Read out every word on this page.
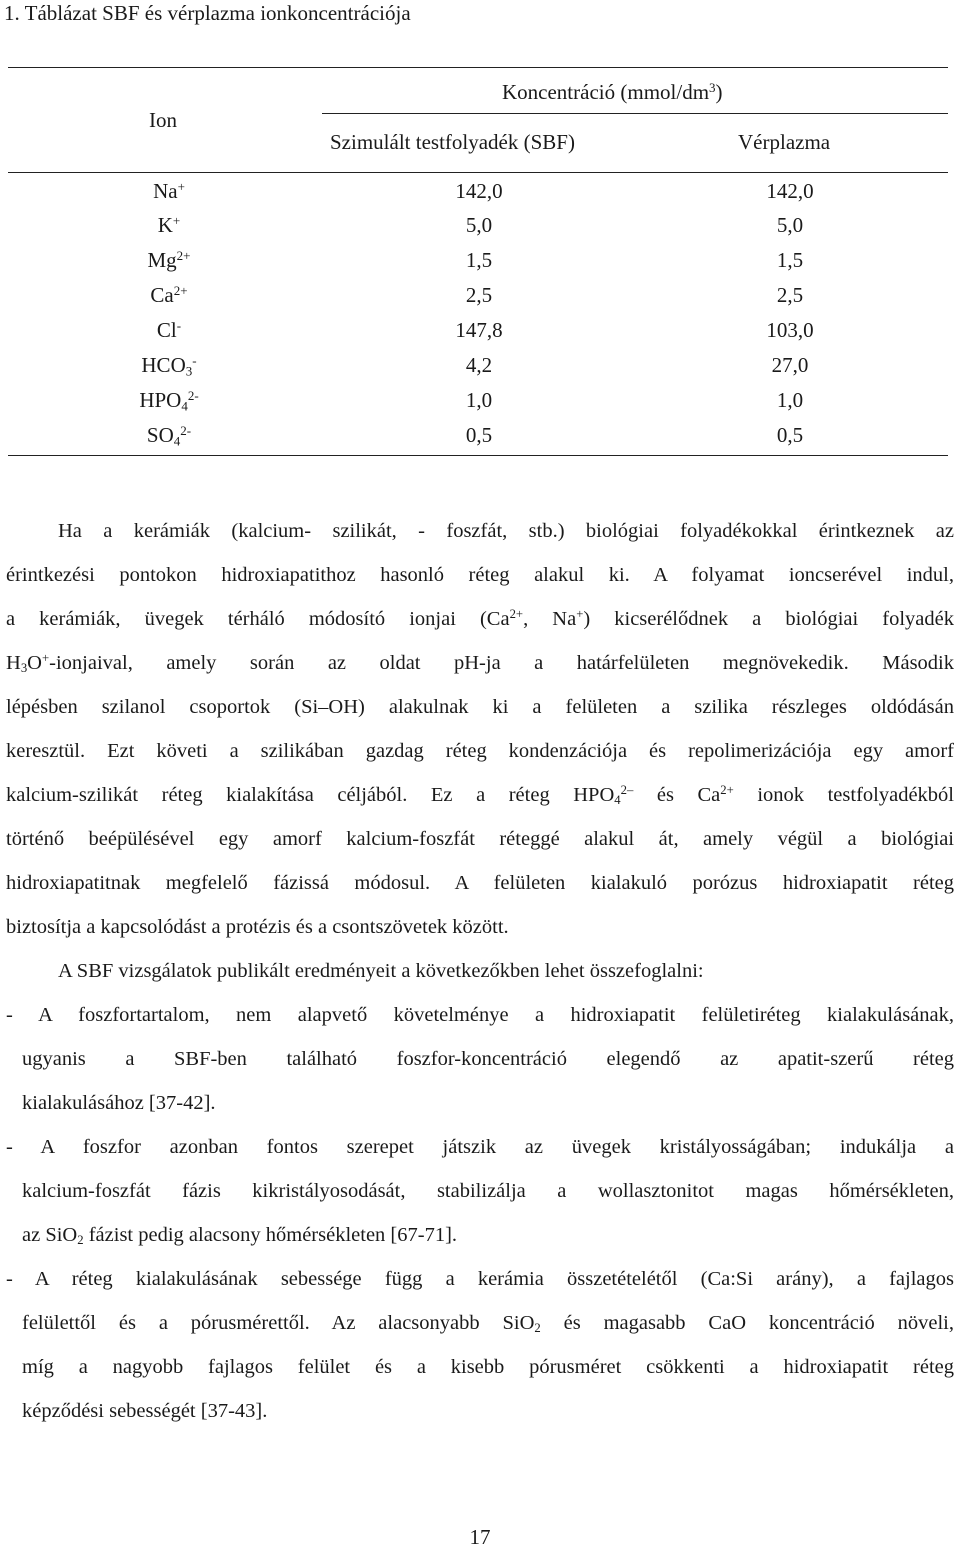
1. Táblázat SBF és vérplazma ionkoncentrációja
Ion
Koncentráció $(mmol/dm^3)$
Szimulált testfolyadék (SBF)	Vérplazma
Na+	142,0	142,0
K+	5,0	5,0
$Mg^{2+}$	1,5	1,5
$Ca^{2+}$	2,5	2,5
Cl-	147,8	103,0
$HCO_3^-$	4,2	27,0
$HPO_4^{2-}$	1,0	1,0
$SO_4^{2-}$	0,5	0,5
Ha a kerámiák (kalcium- szilikát, - foszfát, stb.) biológiai folyadékokkal érintkeznek az
érintkezési pontokon hidroxiapatithoz hasonló réteg alakul ki. A folyamat ioncserével indul,
a kerámiák, üvegek térháló módosító ionjai ($Ca^{2+}$, Na+) kicserélődnek a biológiai folyadék
$H_3O^+$-ionjaival, amely során az oldat pH-ja a határfelületen megnövekedik. Második
lépésben szilanol csoportok (Si–OH) alakulnak ki a felületen a szilika részleges oldódásán
keresztül. Ezt követi a szilikában gazdag réteg kondenzációja és repolimerizációja egy amorf
kalcium-szilikát réteg kialakítása céljából. Ez a réteg $HPO_4^{2-}$ és $Ca^{2+}$ ionok testfolyadékból
történő beépülésével egy amorf kalcium-foszfát réteggé alakul át, amely végül a biológiai
hidroxiapatitnak megfelelő fázissá módosul. A felületen kialakuló porózus hidroxiapatit réteg
biztosítja a kapcsolódást a protézis és a csontszövetek között.
A SBF vizsgálatok publikált eredményeit a következőkben lehet összefoglalni:
- A foszfortartalom, nem alapvető követelménye a hidroxiapatit felületiréteg kialakulásának,
ugyanis a SBF-ben található foszfor-koncentráció elegendő az apatit-szerű réteg
kialakulásához [37-42].
- A foszfor azonban fontos szerepet játszik az üvegek kristályosságában; indukálja a
kalcium-foszfát fázis kikristályosodását, stabilizálja a wollasztonitot magas hőmérsékleten,
az SiO$_2$ fázist pedig alacsony hőmérsékleten [67-71].
- A réteg kialakulásának sebessége függ a kerámia összetételétől (Ca:Si arány), a fajlagos
felülettől és a pórusmérettől. Az alacsonyabb SiO$_2$ és magasabb CaO koncentráció növeli,
míg a nagyobb fajlagos felület és a kisebb pórusméret csökkenti a hidroxiapatit réteg
képződési sebességét [37-43].
17
